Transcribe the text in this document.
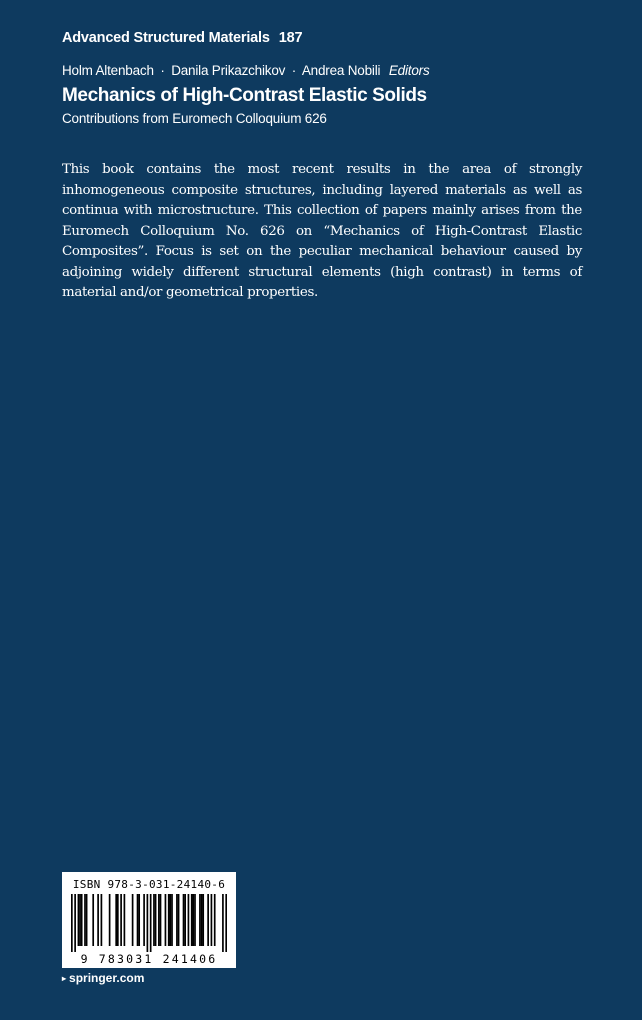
Advanced Structured Materials 187
Holm Altenbach · Danila Prikazchikov · Andrea Nobili Editors
Mechanics of High-Contrast Elastic Solids
Contributions from Euromech Colloquium 626
This book contains the most recent results in the area of strongly inhomogeneous composite structures, including layered materials as well as continua with microstructure. This collection of papers mainly arises from the Euromech Colloquium No. 626 on “Mechanics of High-Contrast Elastic Composites”. Focus is set on the peculiar mechanical behaviour caused by adjoining widely different structural elements (high contrast) in terms of material and/or geometrical properties.
ISBN 978-3-031-24140-6
9 783031 241406
▸ springer.com
